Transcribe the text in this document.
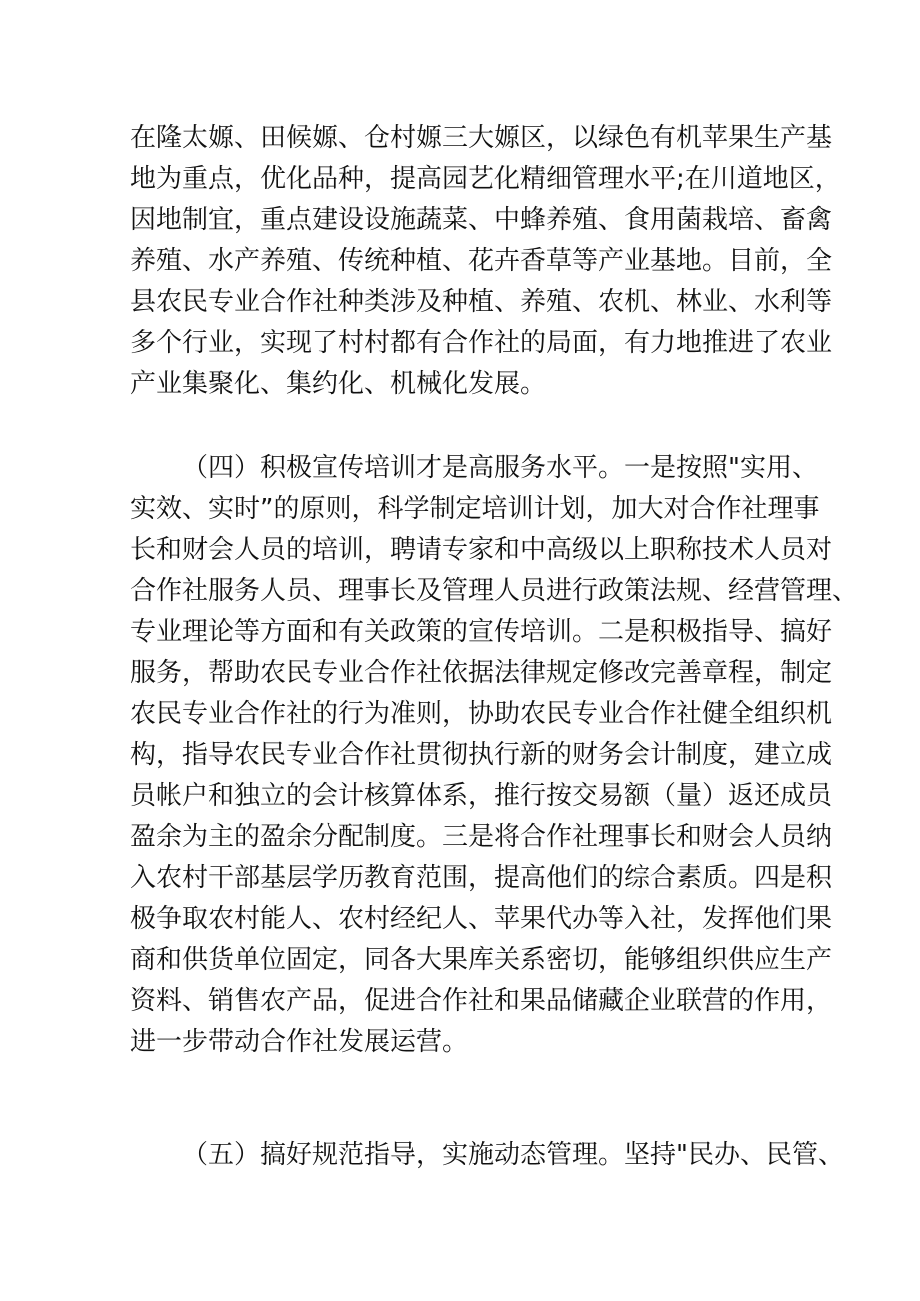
在隆太嫄、田候嫄、仓村嫄三大嫄区，以绿色有机苹果生产基
地为重点，优化品种，提高园艺化精细管理水平;在川道地区，
因地制宜，重点建设设施蔬菜、中蜂养殖、食用菌栽培、畜禽
养殖、水产养殖、传统种植、花卉香草等产业基地。目前，全
县农民专业合作社种类涉及种植、养殖、农机、林业、水利等
多个行业，实现了村村都有合作社的局面，有力地推进了农业
产业集聚化、集约化、机械化发展。
（四）积极宣传培训才是高服务水平。一是按照"实用、
实效、实时”的原则，科学制定培训计划，加大对合作社理事
长和财会人员的培训，聘请专家和中高级以上职称技术人员对
合作社服务人员、理事长及管理人员进行政策法规、经营管理、
专业理论等方面和有关政策的宣传培训。二是积极指导、搞好
服务，帮助农民专业合作社依据法律规定修改完善章程，制定
农民专业合作社的行为准则，协助农民专业合作社健全组织机
构，指导农民专业合作社贯彻执行新的财务会计制度，建立成
员帐户和独立的会计核算体系，推行按交易额（量）返还成员
盈余为主的盈余分配制度。三是将合作社理事长和财会人员纳
入农村干部基层学历教育范围，提高他们的综合素质。四是积
极争取农村能人、农村经纪人、苹果代办等入社，发挥他们果
商和供货单位固定，同各大果库关系密切，能够组织供应生产
资料、销售农产品，促进合作社和果品储藏企业联营的作用，
进一步带动合作社发展运营。
（五）搞好规范指导，实施动态管理。坚持"民办、民管、
